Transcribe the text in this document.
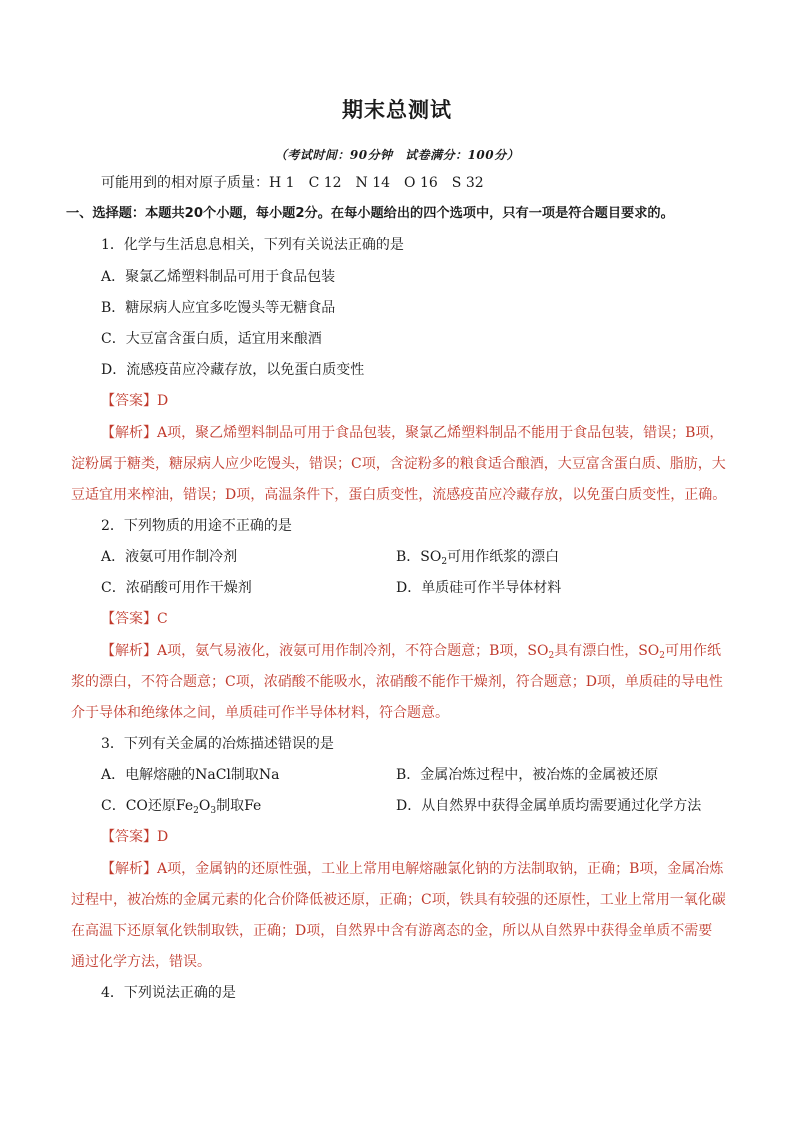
期末总测试
（考试时间：90分钟　试卷满分：100分）
可能用到的相对原子质量：H 1　C 12　N 14　O 16　S 32
一、选择题：本题共20个小题，每小题2分。在每小题给出的四个选项中，只有一项是符合题目要求的。
1．化学与生活息息相关，下列有关说法正确的是
A．聚氯乙烯塑料制品可用于食品包装
B．糖尿病人应宜多吃馒头等无糖食品
C．大豆富含蛋白质，适宜用来酿酒
D．流感疫苗应冷藏存放，以免蛋白质变性
【答案】D
【解析】A项，聚乙烯塑料制品可用于食品包装，聚氯乙烯塑料制品不能用于食品包装，错误；B项，
淀粉属于糖类，糖尿病人应少吃馒头，错误；C项，含淀粉多的粮食适合酿酒，大豆富含蛋白质、脂肪，大
豆适宜用来榨油，错误；D项，高温条件下，蛋白质变性，流感疫苗应冷藏存放，以免蛋白质变性，正确。
2．下列物质的用途不正确的是
A．液氨可用作制冷剂	B．$SO_2$可用作纸浆的漂白
C．浓硝酸可用作干燥剂	D．单质硅可作半导体材料
【答案】C
【解析】A项，氨气易液化，液氨可用作制冷剂，不符合题意；B项，$SO_2$具有漂白性，$SO_2$可用作纸
浆的漂白，不符合题意；C项，浓硝酸不能吸水，浓硝酸不能作干燥剂，符合题意；D项，单质硅的导电性
介于导体和绝缘体之间，单质硅可作半导体材料，符合题意。
3．下列有关金属的冶炼描述错误的是
A．电解熔融的NaCl制取Na	B．金属冶炼过程中，被冶炼的金属被还原
C．CO还原$Fe_2O_3$制取Fe	D．从自然界中获得金属单质均需要通过化学方法
【答案】D
【解析】A项，金属钠的还原性强，工业上常用电解熔融氯化钠的方法制取钠，正确；B项，金属冶炼
过程中，被冶炼的金属元素的化合价降低被还原，正确；C项，铁具有较强的还原性，工业上常用一氧化碳
在高温下还原氧化铁制取铁，正确；D项，自然界中含有游离态的金，所以从自然界中获得金单质不需要
通过化学方法，错误。
4．下列说法正确的是
